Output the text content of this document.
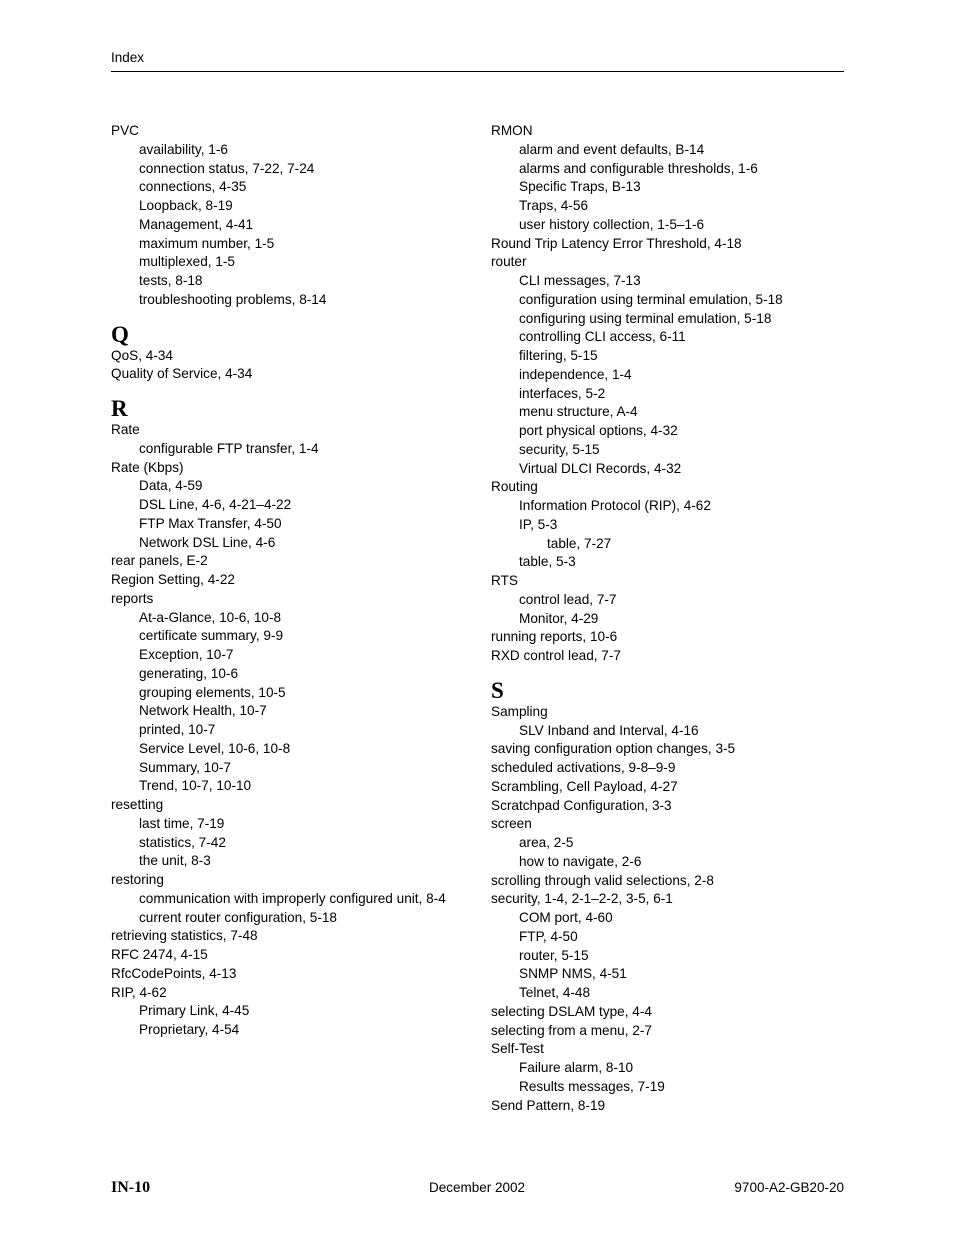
Index
PVC
availability, 1-6
connection status, 7-22, 7-24
connections, 4-35
Loopback, 8-19
Management, 4-41
maximum number, 1-5
multiplexed, 1-5
tests, 8-18
troubleshooting problems, 8-14
Q
QoS, 4-34
Quality of Service, 4-34
R
Rate
configurable FTP transfer, 1-4
Rate (Kbps)
Data, 4-59
DSL Line, 4-6, 4-21–4-22
FTP Max Transfer, 4-50
Network DSL Line, 4-6
rear panels, E-2
Region Setting, 4-22
reports
At-a-Glance, 10-6, 10-8
certificate summary, 9-9
Exception, 10-7
generating, 10-6
grouping elements, 10-5
Network Health, 10-7
printed, 10-7
Service Level, 10-6, 10-8
Summary, 10-7
Trend, 10-7, 10-10
resetting
last time, 7-19
statistics, 7-42
the unit, 8-3
restoring
communication with improperly configured unit, 8-4
current router configuration, 5-18
retrieving statistics, 7-48
RFC 2474, 4-15
RfcCodePoints, 4-13
RIP, 4-62
Primary Link, 4-45
Proprietary, 4-54
RMON
alarm and event defaults, B-14
alarms and configurable thresholds, 1-6
Specific Traps, B-13
Traps, 4-56
user history collection, 1-5–1-6
Round Trip Latency Error Threshold, 4-18
router
CLI messages, 7-13
configuration using terminal emulation, 5-18
configuring using terminal emulation, 5-18
controlling CLI access, 6-11
filtering, 5-15
independence, 1-4
interfaces, 5-2
menu structure, A-4
port physical options, 4-32
security, 5-15
Virtual DLCI Records, 4-32
Routing
Information Protocol (RIP), 4-62
IP, 5-3
table, 7-27
table, 5-3
RTS
control lead, 7-7
Monitor, 4-29
running reports, 10-6
RXD control lead, 7-7
S
Sampling
SLV Inband and Interval, 4-16
saving configuration option changes, 3-5
scheduled activations, 9-8–9-9
Scrambling, Cell Payload, 4-27
Scratchpad Configuration, 3-3
screen
area, 2-5
how to navigate, 2-6
scrolling through valid selections, 2-8
security, 1-4, 2-1–2-2, 3-5, 6-1
COM port, 4-60
FTP, 4-50
router, 5-15
SNMP NMS, 4-51
Telnet, 4-48
selecting DSLAM type, 4-4
selecting from a menu, 2-7
Self-Test
Failure alarm, 8-10
Results messages, 7-19
Send Pattern, 8-19
IN-10	December 2002	9700-A2-GB20-20
